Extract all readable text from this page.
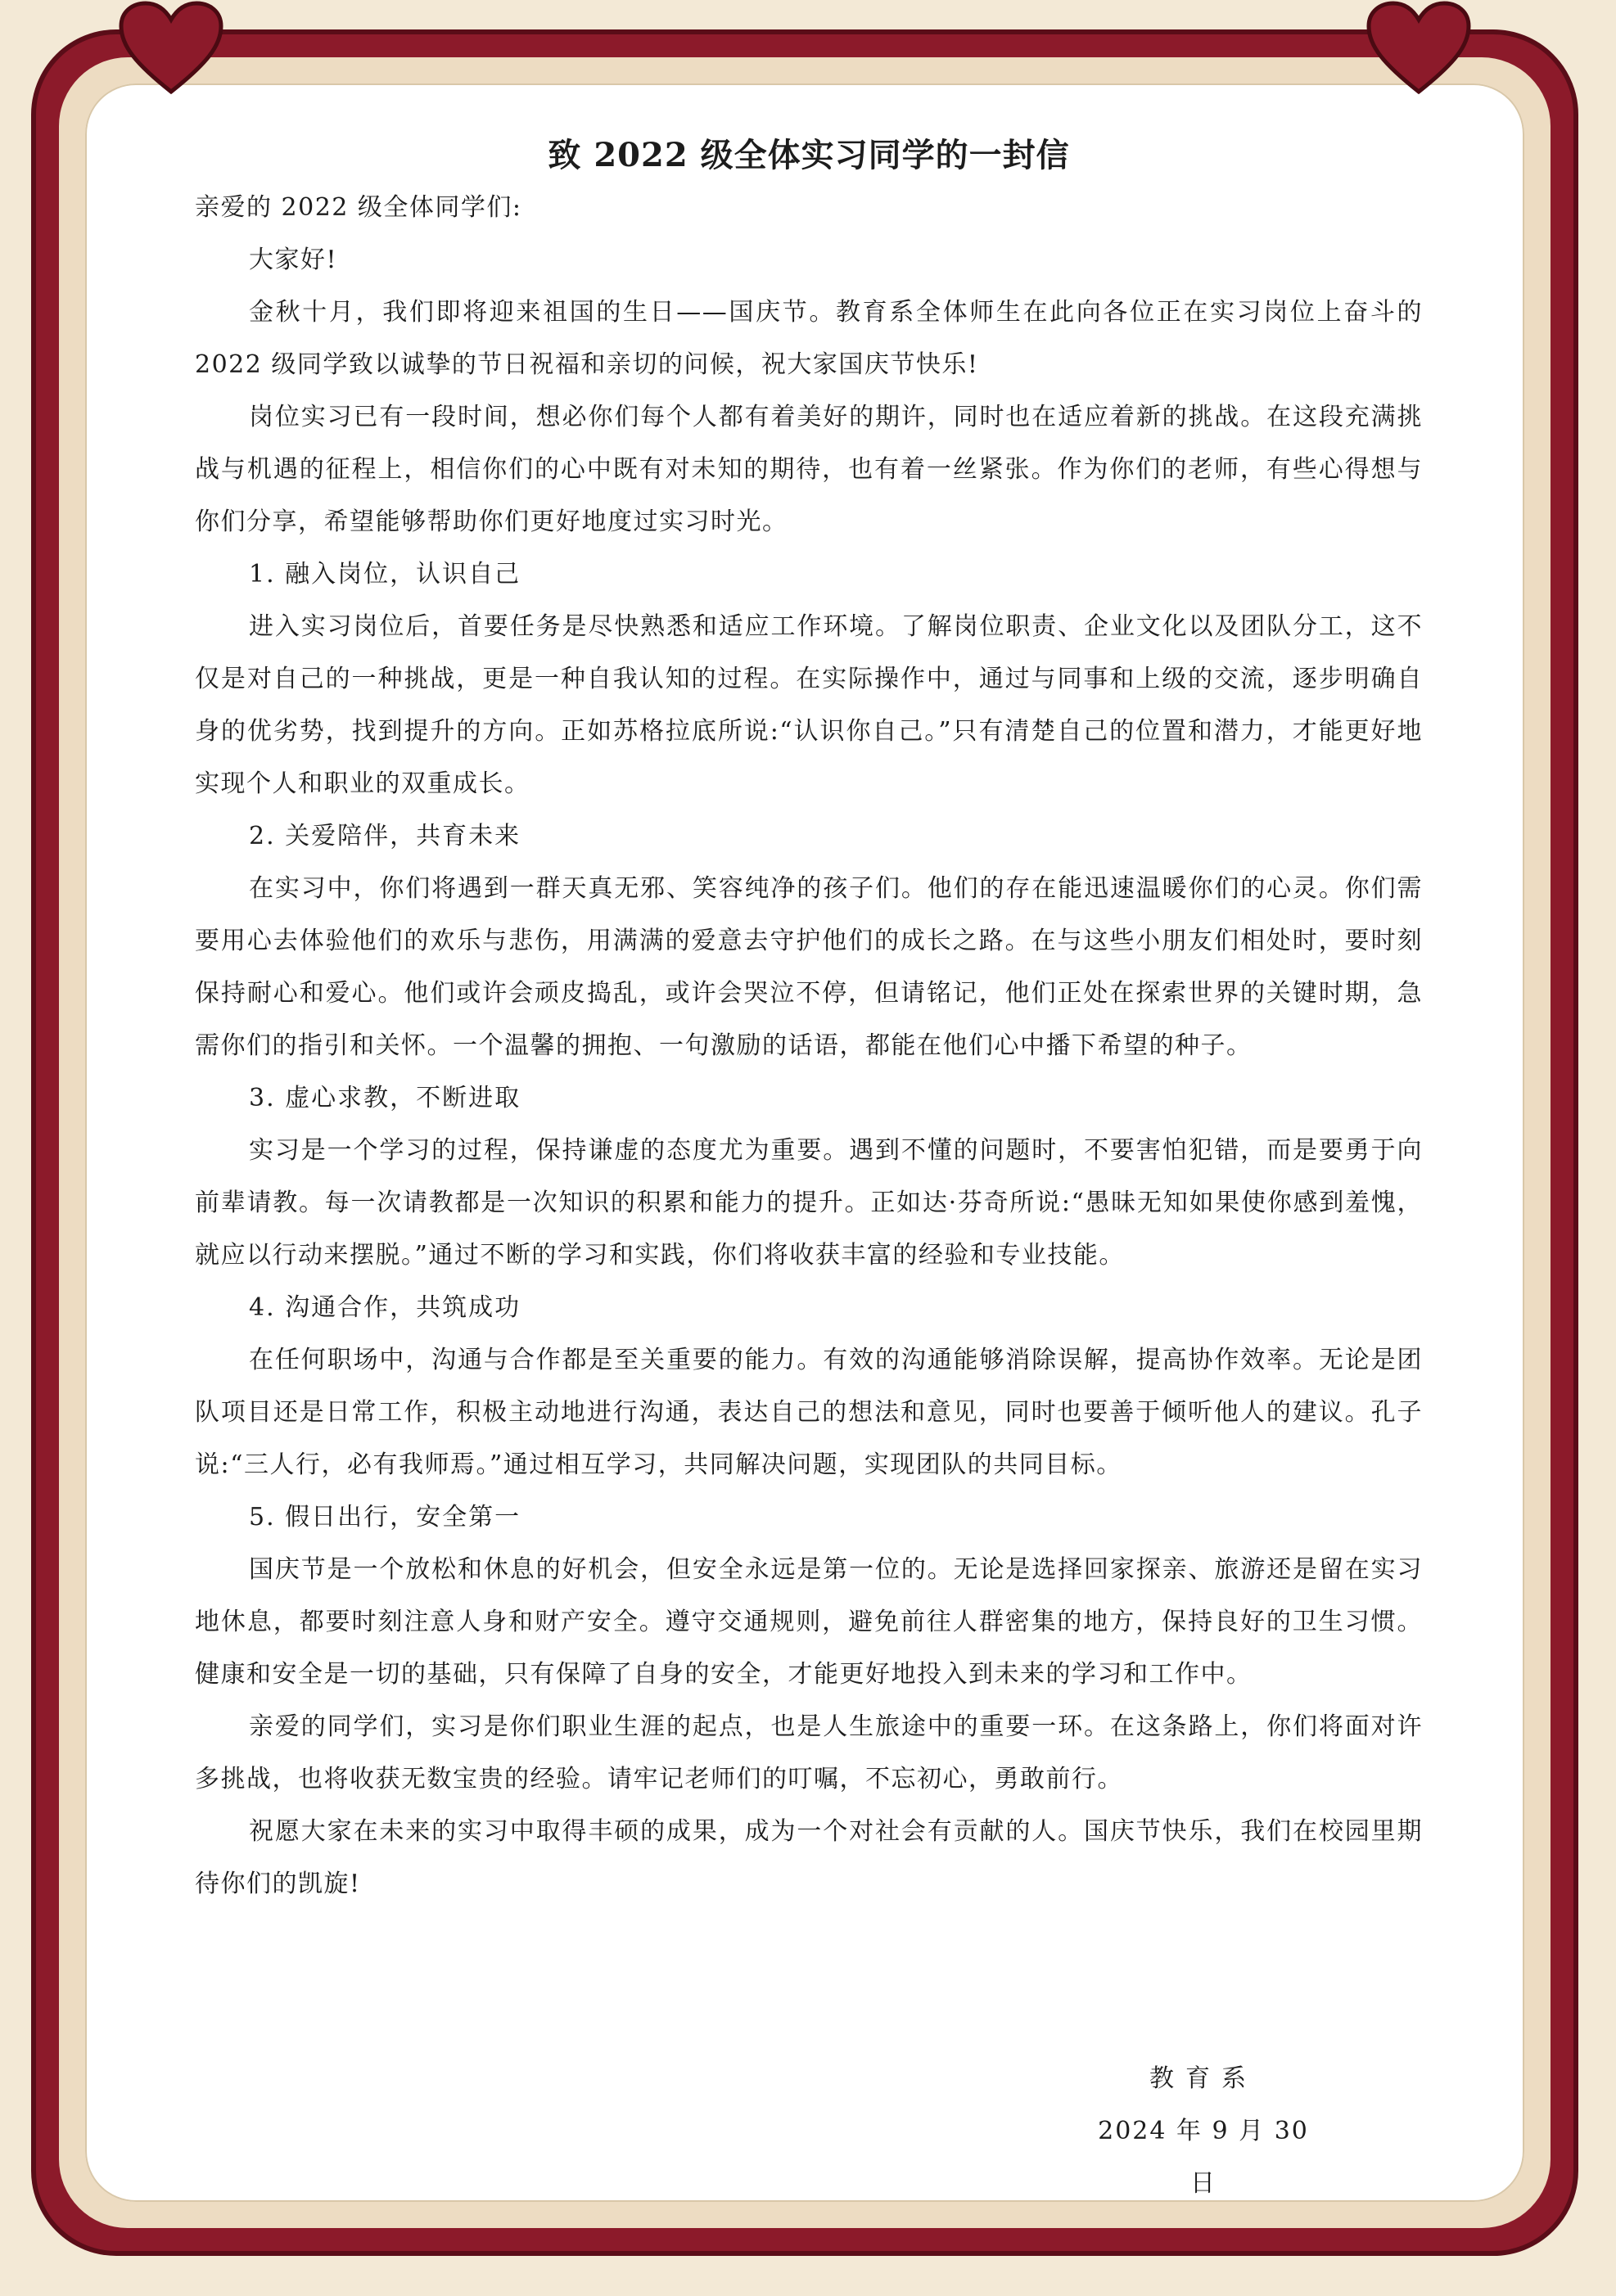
致 2022 级全体实习同学的一封信

亲爱的 2022 级全体同学们:

大家好!

金秋十月，我们即将迎来祖国的生日——国庆节。教育系全体师生在此向各位正在实习岗位上奋斗的 2022 级同学致以诚挚的节日祝福和亲切的问候，祝大家国庆节快乐!

岗位实习已有一段时间，想必你们每个人都有着美好的期许，同时也在适应着新的挑战。在这段充满挑战与机遇的征程上，相信你们的心中既有对未知的期待，也有着一丝紧张。作为你们的老师，有些心得想与你们分享，希望能够帮助你们更好地度过实习时光。

1. 融入岗位，认识自己

进入实习岗位后，首要任务是尽快熟悉和适应工作环境。了解岗位职责、企业文化以及团队分工，这不仅是对自己的一种挑战，更是一种自我认知的过程。在实际操作中，通过与同事和上级的交流，逐步明确自身的优劣势，找到提升的方向。正如苏格拉底所说:“认识你自己。”只有清楚自己的位置和潜力，才能更好地实现个人和职业的双重成长。

2. 关爱陪伴，共育未来

在实习中，你们将遇到一群天真无邪、笑容纯净的孩子们。他们的存在能迅速温暖你们的心灵。你们需要用心去体验他们的欢乐与悲伤，用满满的爱意去守护他们的成长之路。在与这些小朋友们相处时，要时刻保持耐心和爱心。他们或许会顽皮捣乱，或许会哭泣不停，但请铭记，他们正处在探索世界的关键时期，急需你们的指引和关怀。一个温馨的拥抱、一句激励的话语，都能在他们心中播下希望的种子。

3. 虚心求教，不断进取

实习是一个学习的过程，保持谦虚的态度尤为重要。遇到不懂的问题时，不要害怕犯错，而是要勇于向前辈请教。每一次请教都是一次知识的积累和能力的提升。正如达·芬奇所说:“愚昧无知如果使你感到羞愧，就应以行动来摆脱。”通过不断的学习和实践，你们将收获丰富的经验和专业技能。

4. 沟通合作，共筑成功

在任何职场中，沟通与合作都是至关重要的能力。有效的沟通能够消除误解，提高协作效率。无论是团队项目还是日常工作，积极主动地进行沟通，表达自己的想法和意见，同时也要善于倾听他人的建议。孔子说:“三人行，必有我师焉。”通过相互学习，共同解决问题，实现团队的共同目标。

5. 假日出行，安全第一

国庆节是一个放松和休息的好机会，但安全永远是第一位的。无论是选择回家探亲、旅游还是留在实习地休息，都要时刻注意人身和财产安全。遵守交通规则，避免前往人群密集的地方，保持良好的卫生习惯。健康和安全是一切的基础，只有保障了自身的安全，才能更好地投入到未来的学习和工作中。

亲爱的同学们，实习是你们职业生涯的起点，也是人生旅途中的重要一环。在这条路上，你们将面对许多挑战，也将收获无数宝贵的经验。请牢记老师们的叮嘱，不忘初心，勇敢前行。

祝愿大家在未来的实习中取得丰硕的成果，成为一个对社会有贡献的人。国庆节快乐，我们在校园里期待你们的凯旋!

教育系
2024 年 9 月 30 日
